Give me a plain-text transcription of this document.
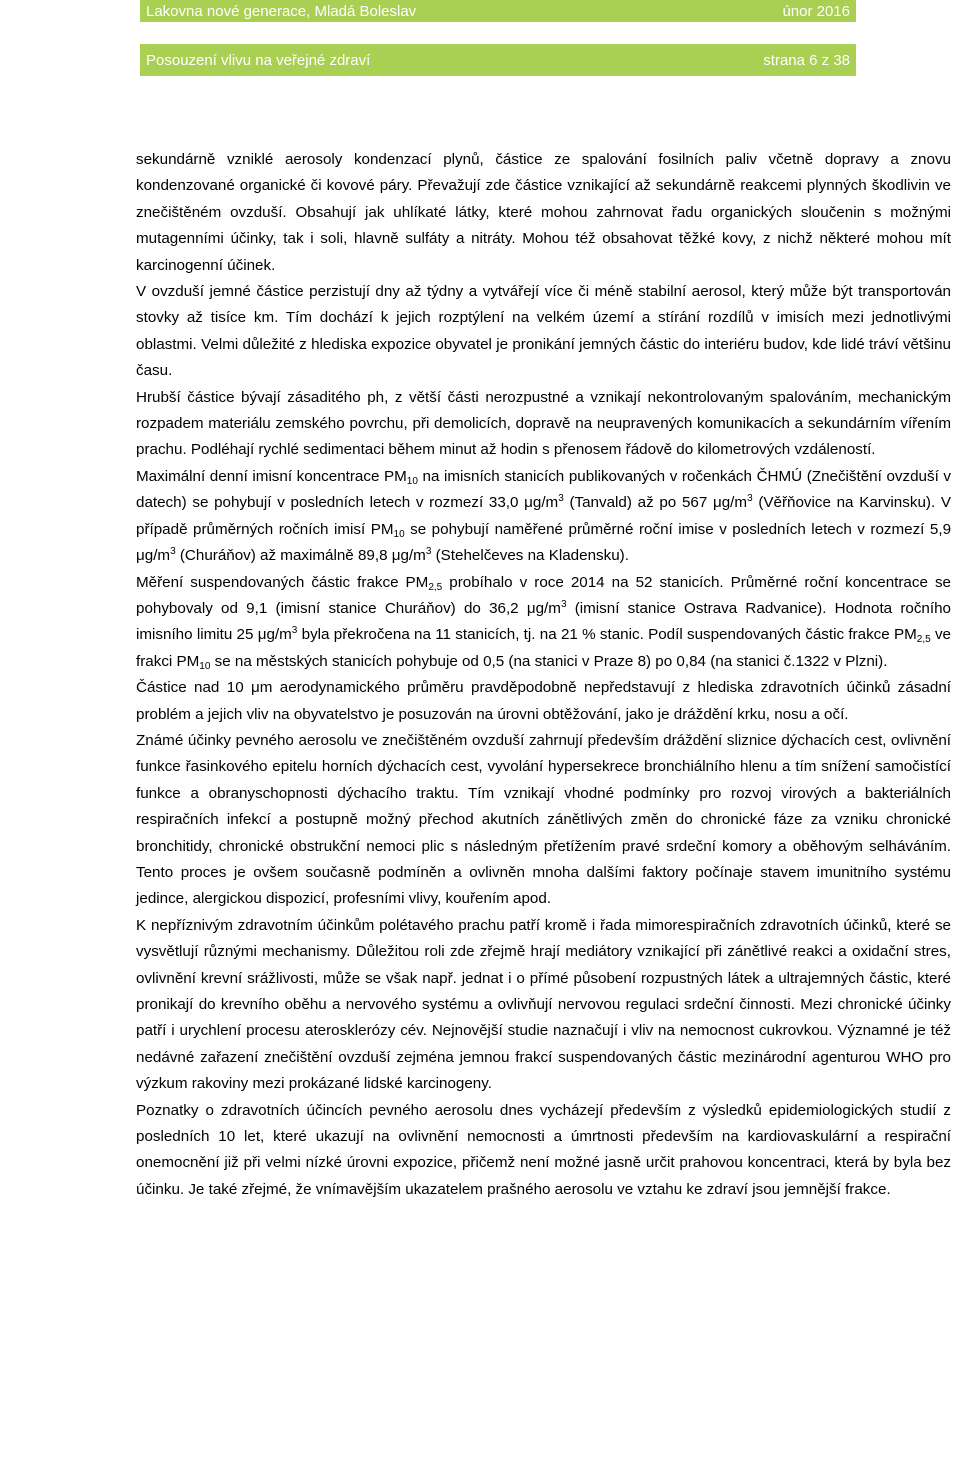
Lakovna nové generace, Mladá Boleslav	únor 2016
Posouzení vlivu na veřejné zdraví	strana 6 z 38

sekundárně vzniklé aerosoly kondenzací plynů, částice ze spalování fosilních paliv včetně dopravy a znovu kondenzované organické či kovové páry. Převažují zde částice vznikající až sekundárně reakcemi plynných škodlivin ve znečištěném ovzduší. Obsahují jak uhlíkaté látky, které mohou zahrnovat řadu organických sloučenin s možnými mutagenními účinky, tak i soli, hlavně sulfáty a nitráty. Mohou též obsahovat těžké kovy, z nichž některé mohou mít karcinogenní účinek.

V ovzduší jemné částice perzistují dny až týdny a vytvářejí více či méně stabilní aerosol, který může být transportován stovky až tisíce km. Tím dochází k jejich rozptýlení na velkém území a stírání rozdílů v imisích mezi jednotlivými oblastmi. Velmi důležité z hlediska expozice obyvatel je pronikání jemných částic do interiéru budov, kde lidé tráví většinu času.

Hrubší částice bývají zásaditého ph, z větší části nerozpustné a vznikají nekontrolovaným spalováním, mechanickým rozpadem materiálu zemského povrchu, při demolicích, dopravě na neupravených komunikacích a sekundárním vířením prachu. Podléhají rychlé sedimentaci během minut až hodin s přenosem řádově do kilometrových vzdáleností.

Maximální denní imisní koncentrace $PM_{10}$ na imisních stanicích publikovaných v ročenkách ČHMÚ (Znečištění ovzduší v datech) se pohybují v posledních letech v rozmezí 33,0 $\mu g/m^3$ (Tanvald) až po 567 $\mu g/m^3$ (Věřňovice na Karvinsku). V případě průměrných ročních imisí $PM_{10}$ se pohybují naměřené průměrné roční imise v posledních letech v rozmezí 5,9 $\mu g/m^3$ (Churáňov) až maximálně 89,8 $\mu g/m^3$ (Stehelčeves na Kladensku).

Měření suspendovaných částic frakce $PM_{2,5}$ probíhalo v roce 2014 na 52 stanicích. Průměrné roční koncentrace se pohybovaly od 9,1 (imisní stanice Churáňov) do 36,2 $\mu g/m^3$ (imisní stanice Ostrava Radvanice). Hodnota ročního imisního limitu 25 $\mu g/m^3$ byla překročena na 11 stanicích, tj. na 21 % stanic. Podíl suspendovaných částic frakce $PM_{2,5}$ ve frakci $PM_{10}$ se na městských stanicích pohybuje od 0,5 (na stanici v Praze 8) po 0,84 (na stanici č.1322 v Plzni).

Částice nad 10 μm aerodynamického průměru pravděpodobně nepředstavují z hlediska zdravotních účinků zásadní problém a jejich vliv na obyvatelstvo je posuzován na úrovni obtěžování, jako je dráždění krku, nosu a očí.

Známé účinky pevného aerosolu ve znečištěném ovzduší zahrnují především dráždění sliznice dýchacích cest, ovlivnění funkce řasinkového epitelu horních dýchacích cest, vyvolání hypersekrece bronchiálního hlenu a tím snížení samočistící funkce a obranyschopnosti dýchacího traktu. Tím vznikají vhodné podmínky pro rozvoj virových a bakteriálních respiračních infekcí a postupně možný přechod akutních zánětlivých změn do chronické fáze za vzniku chronické bronchitidy, chronické obstrukční nemoci plic s následným přetížením pravé srdeční komory a oběhovým selháváním. Tento proces je ovšem současně podmíněn a ovlivněn mnoha dalšími faktory počínaje stavem imunitního systému jedince, alergickou dispozicí, profesními vlivy, kouřením apod.

K nepříznivým zdravotním účinkům polétavého prachu patří kromě i řada mimorespiračních zdravotních účinků, které se vysvětlují různými mechanismy. Důležitou roli zde zřejmě hrají mediátory vznikající při zánětlivé reakci a oxidační stres, ovlivnění krevní srážlivosti, může se však např. jednat i o přímé působení rozpustných látek a ultrajemných částic, které pronikají do krevního oběhu a nervového systému a ovlivňují nervovou regulaci srdeční činnosti. Mezi chronické účinky patří i urychlení procesu aterosklerózy cév. Nejnovější studie naznačují i vliv na nemocnost cukrovkou. Významné je též nedávné zařazení znečištění ovzduší zejména jemnou frakcí suspendovaných částic mezinárodní agenturou WHO pro výzkum rakoviny mezi prokázané lidské karcinogeny.

Poznatky o zdravotních účincích pevného aerosolu dnes vycházejí především z výsledků epidemiologických studií z posledních 10 let, které ukazují na ovlivnění nemocnosti a úmrtnosti především na kardiovaskulární a respirační onemocnění již při velmi nízké úrovni expozice, přičemž není možné jasně určit prahovou koncentraci, která by byla bez účinku. Je také zřejmé, že vnímavějším ukazatelem prašného aerosolu ve vztahu ke zdraví jsou jemnější frakce.
